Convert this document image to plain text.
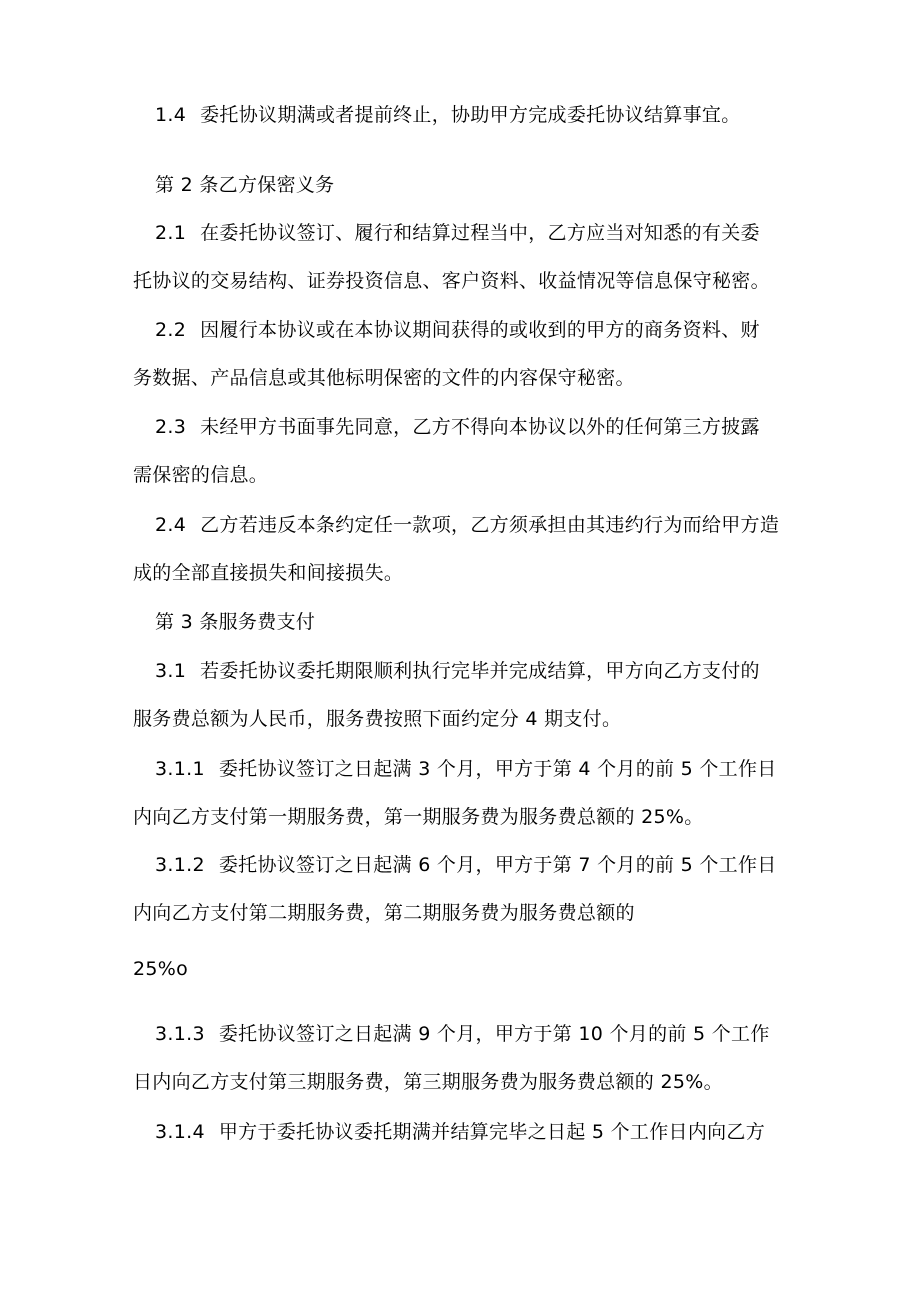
1.4 委托协议期满或者提前终止，协助甲方完成委托协议结算事宜。

第 2 条乙方保密义务

2.1 在委托协议签订、履行和结算过程当中，乙方应当对知悉的有关委

托协议的交易结构、证券投资信息、客户资料、收益情况等信息保守秘密。

2.2 因履行本协议或在本协议期间获得的或收到的甲方的商务资料、财

务数据、产品信息或其他标明保密的文件的内容保守秘密。

2.3 未经甲方书面事先同意，乙方不得向本协议以外的任何第三方披露

需保密的信息。

2.4 乙方若违反本条约定任一款项，乙方须承担由其违约行为而给甲方造

成的全部直接损失和间接损失。

第 3 条服务费支付

3.1 若委托协议委托期限顺利执行完毕并完成结算，甲方向乙方支付的

服务费总额为人民币，服务费按照下面约定分 4 期支付。

3.1.1 委托协议签订之日起满 3 个月，甲方于第 4 个月的前 5 个工作日

内向乙方支付第一期服务费，第一期服务费为服务费总额的 25%。

3.1.2 委托协议签订之日起满 6 个月，甲方于第 7 个月的前 5 个工作日

内向乙方支付第二期服务费，第二期服务费为服务费总额的

25%o

3.1.3 委托协议签订之日起满 9 个月，甲方于第 10 个月的前 5 个工作

日内向乙方支付第三期服务费，第三期服务费为服务费总额的 25%。

3.1.4 甲方于委托协议委托期满并结算完毕之日起 5 个工作日内向乙方
